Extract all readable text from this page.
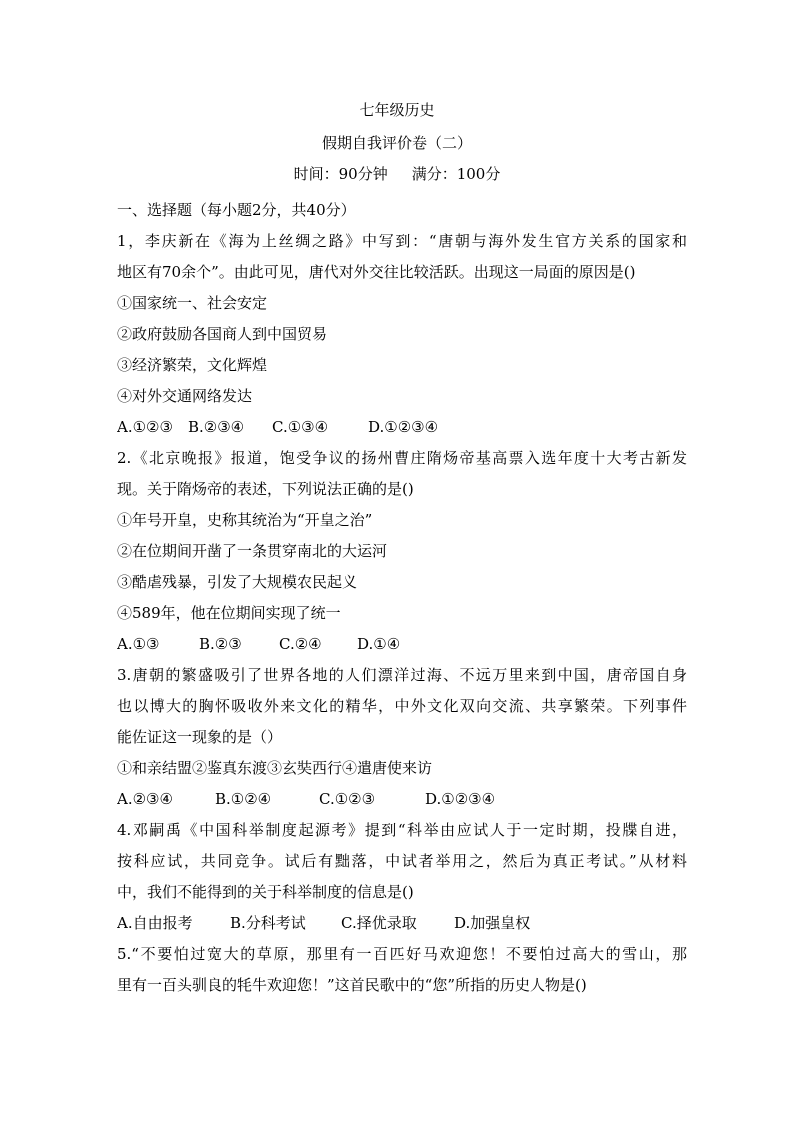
七年级历史
假期自我评价卷（二）
时间：90分钟 满分：100分
一、选择题（每小题2分，共40分）
1，李庆新在《海为上丝绸之路》中写到：“唐朝与海外发生官方关系的国家和
地区有70余个”。由此可见，唐代对外交往比较活跃。出现这一局面的原因是()
①国家统一、社会安定
②政府鼓励各国商人到中国贸易
③经济繁荣，文化辉煌
④对外交通网络发达
A.①②③ B.②③④ C.①③④	D.①②③④
2.《北京晚报》报道，饱受争议的扬州曹庄隋炀帝基高票入选年度十大考古新发
现。关于隋炀帝的表述，下列说法正确的是()
①年号开皇，史称其统治为“开皇之治”
②在位期间开凿了一条贯穿南北的大运河
③酷虐残暴，引发了大规模农民起义
④589年，他在位期间实现了统一
A.①③	B.②③ C.②④ D.①④
3.唐朝的繁盛吸引了世界各地的人们漂洋过海、不远万里来到中国，唐帝国自身
也以博大的胸怀吸收外来文化的精华，中外文化双向交流、共享繁荣。下列事件
能佐证这一现象的是（）
①和亲结盟②鉴真东渡③玄奘西行④遣唐使来访
A.②③④	B.①②④	C.①②③	D.①②③④
4.邓嗣禹《中国科举制度起源考》提到“科举由应试人于一定时期，投牒自进，
按科应试，共同竞争。试后有黜落，中试者举用之，然后为真正考试。”从材料
中，我们不能得到的关于科举制度的信息是()
A.自由报考 B.分科考试 C.择优录取 D.加强皇权
5.“不要怕过宽大的草原，那里有一百匹好马欢迎您！不要怕过高大的雪山，那
里有一百头驯良的牦牛欢迎您！”这首民歌中的“您”所指的历史人物是()
